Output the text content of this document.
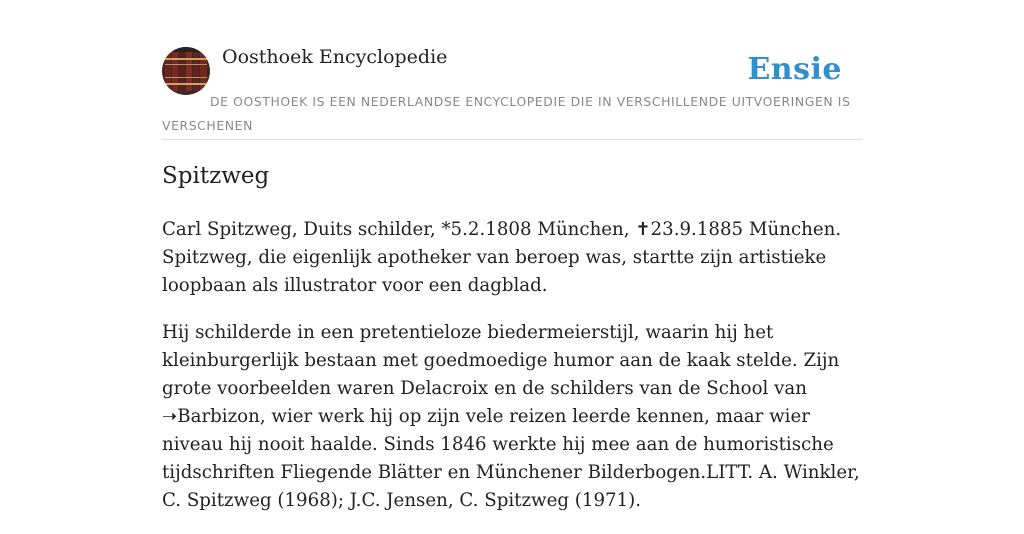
Oosthoek Encyclopedie	Ensie
DE OOSTHOEK IS EEN NEDERLANDSE ENCYCLOPEDIE DIE IN VERSCHILLENDE UITVOERINGEN IS VERSCHENEN
Spitzweg

Carl Spitzweg, Duits schilder, *5.2.1808 München, ✝23.9.1885 München. Spitzweg, die eigenlijk apotheker van beroep was, startte zijn artistieke loopbaan als illustrator voor een dagblad.

Hij schilderde in een pretentieloze biedermeierstijl, waarin hij het kleinburgerlijk bestaan met goedmoedige humor aan de kaak stelde. Zijn grote voorbeelden waren Delacroix en de schilders van de School van ➝Barbizon, wier werk hij op zijn vele reizen leerde kennen, maar wier niveau hij nooit haalde. Sinds 1846 werkte hij mee aan de humoristische tijdschriften Fliegende Blätter en Münchener Bilderbogen.LITT. A. Winkler, C. Spitzweg (1968); J.C. Jensen, C. Spitzweg (1971).
